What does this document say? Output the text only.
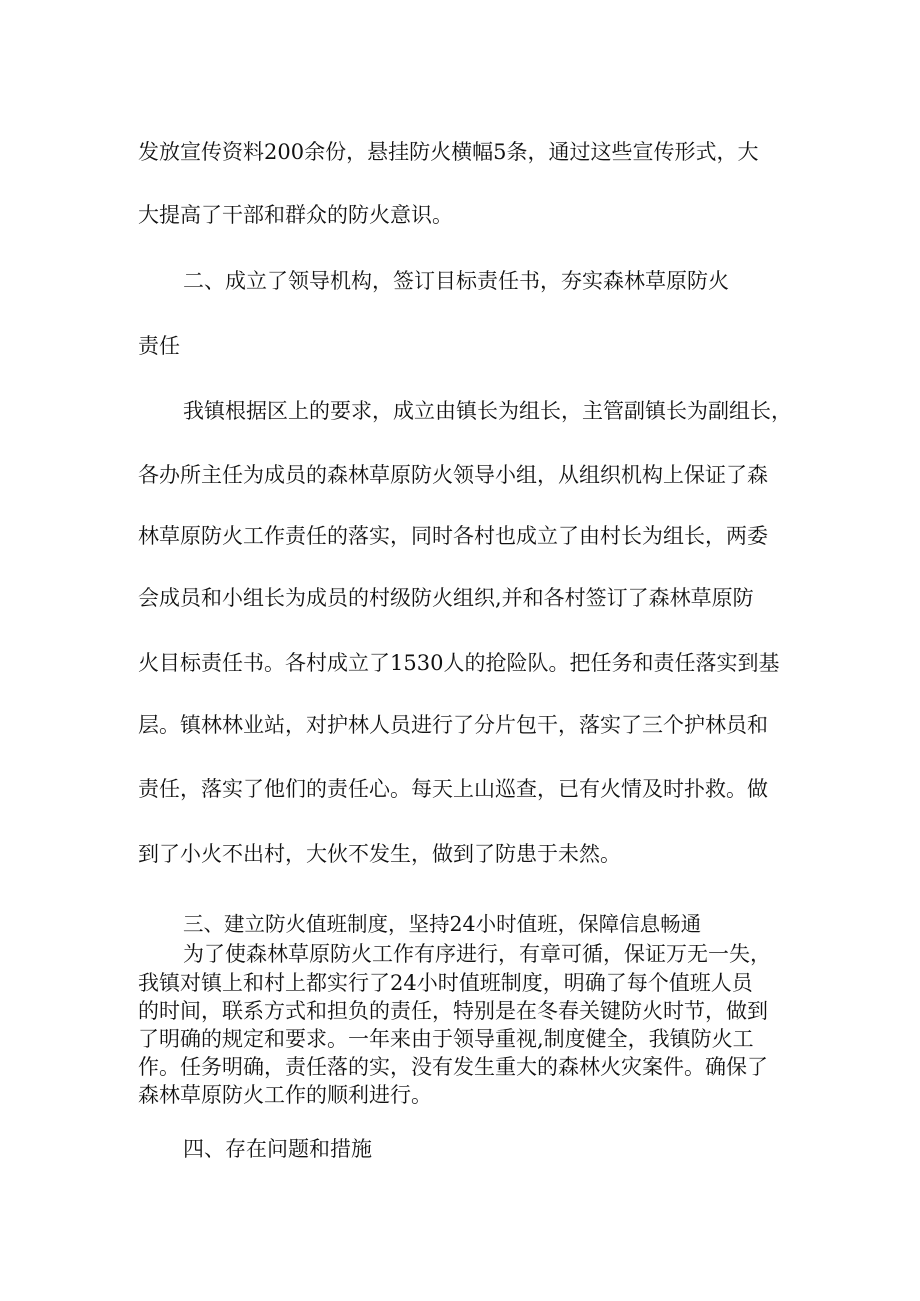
发放宣传资料200余份，悬挂防火横幅5条，通过这些宣传形式，大

大提高了干部和群众的防火意识。

二、成立了领导机构，签订目标责任书，夯实森林草原防火

责任

我镇根据区上的要求，成立由镇长为组长，主管副镇长为副组长，

各办所主任为成员的森林草原防火领导小组，从组织机构上保证了森

林草原防火工作责任的落实，同时各村也成立了由村长为组长，两委

会成员和小组长为成员的村级防火组织,并和各村签订了森林草原防

火目标责任书。各村成立了1530人的抢险队。把任务和责任落实到基

层。镇林林业站，对护林人员进行了分片包干，落实了三个护林员和

责任，落实了他们的责任心。每天上山巡查，已有火情及时扑救。做

到了小火不出村，大伙不发生，做到了防患于未然。

三、建立防火值班制度，坚持24小时值班，保障信息畅通

为了使森林草原防火工作有序进行，有章可循，保证万无一失，

我镇对镇上和村上都实行了24小时值班制度，明确了每个值班人员

的时间，联系方式和担负的责任，特别是在冬春关键防火时节，做到

了明确的规定和要求。一年来由于领导重视,制度健全，我镇防火工

作。任务明确，责任落的实，没有发生重大的森林火灾案件。确保了

森林草原防火工作的顺利进行。

四、存在问题和措施
